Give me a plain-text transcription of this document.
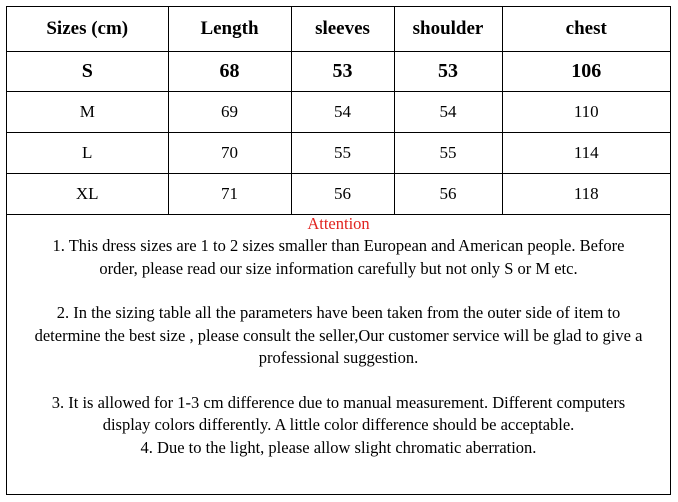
Sizes (cm)	Length	sleeves	shoulder	chest
S	68	53	53	106
M	69	54	54	110
L	70	55	55	114
XL	71	56	56	118
Attention

1. This dress sizes are 1 to 2 sizes smaller than European and American people. Before
order, please read our size information carefully but not only S or M etc.

2. In the sizing table all the parameters have been taken from the outer side of item to
determine the best size , please consult the seller,Our customer service will be glad to give a
professional suggestion.

3. It is allowed for 1-3 cm difference due to manual measurement. Different computers
display colors differently. A little color difference should be acceptable.

4. Due to the light, please allow slight chromatic aberration.
